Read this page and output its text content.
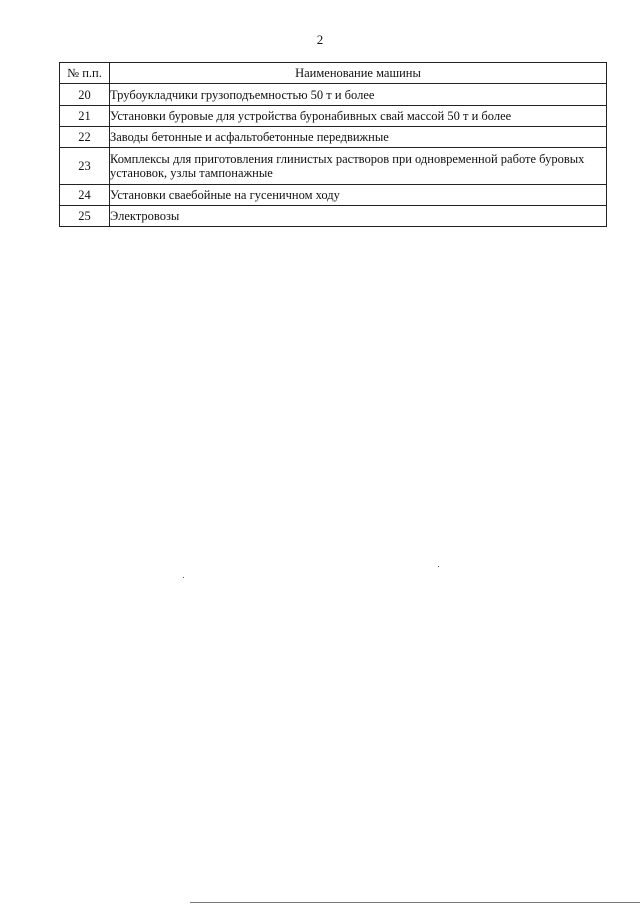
2
№ п.п.	Наименование машины
20	Трубоукладчики грузоподъемностью 50 т и более
21	Установки буровые для устройства буронабивных свай массой 50 т и более
22	Заводы бетонные и асфальтобетонные передвижные
23	Комплексы для приготовления глинистых растворов при одновременной работе буровых установок, узлы тампонажные
24	Установки сваебойные на гусеничном ходу
25	Электровозы
